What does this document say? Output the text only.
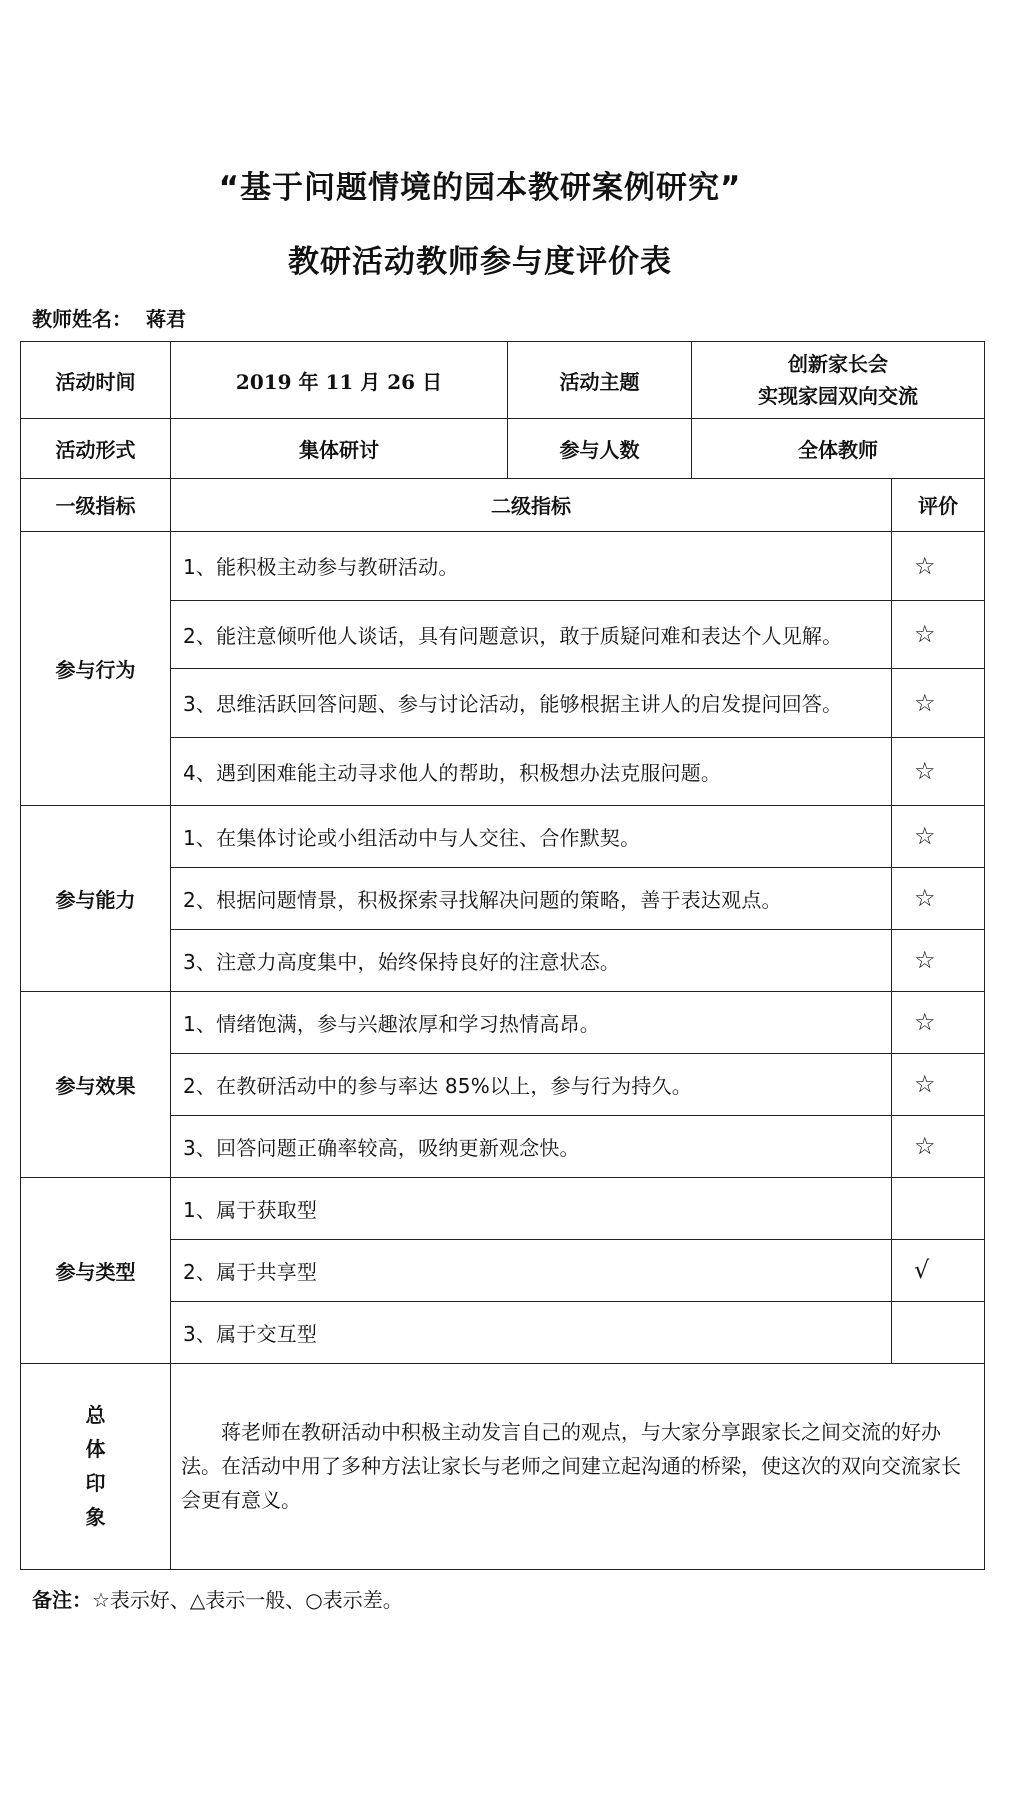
“基于问题情境的园本教研案例研究”
教研活动教师参与度评价表
教师姓名： 蒋君
活动时间	2019 年 11 月 26 日	活动主题	创新家长会
实现家园双向交流

活动形式	集体研讨	参与人数	全体教师
一级指标	二级指标	评价
参与行为	1、能积极主动参与教研活动。	☆
	2、能注意倾听他人谈话，具有问题意识，敢于质疑问难和表达个人见解。	☆
	3、思维活跃回答问题、参与讨论活动，能够根据主讲人的启发提问回答。	☆
	4、遇到困难能主动寻求他人的帮助，积极想办法克服问题。	☆
参与能力	1、在集体讨论或小组活动中与人交往、合作默契。	☆
	2、根据问题情景，积极探索寻找解决问题的策略，善于表达观点。	☆
	3、注意力高度集中，始终保持良好的注意状态。	☆
参与效果	1、情绪饱满，参与兴趣浓厚和学习热情高昂。	☆
	2、在教研活动中的参与率达 85%以上，参与行为持久。	☆
	3、回答问题正确率较高，吸纳更新观念快。	☆
参与类型	1、属于获取型	
	2、属于共享型	√
	3、属于交互型	

总
体
印
象	蒋老师在教研活动中积极主动发言自己的观点，与大家分享跟家长之间交流的好办法。在活动中用了多种方法让家长与老师之间建立起沟通的桥梁，使这次的双向交流家长会更有意义。	
备注：☆表示好、△表示一般、○表示差。
